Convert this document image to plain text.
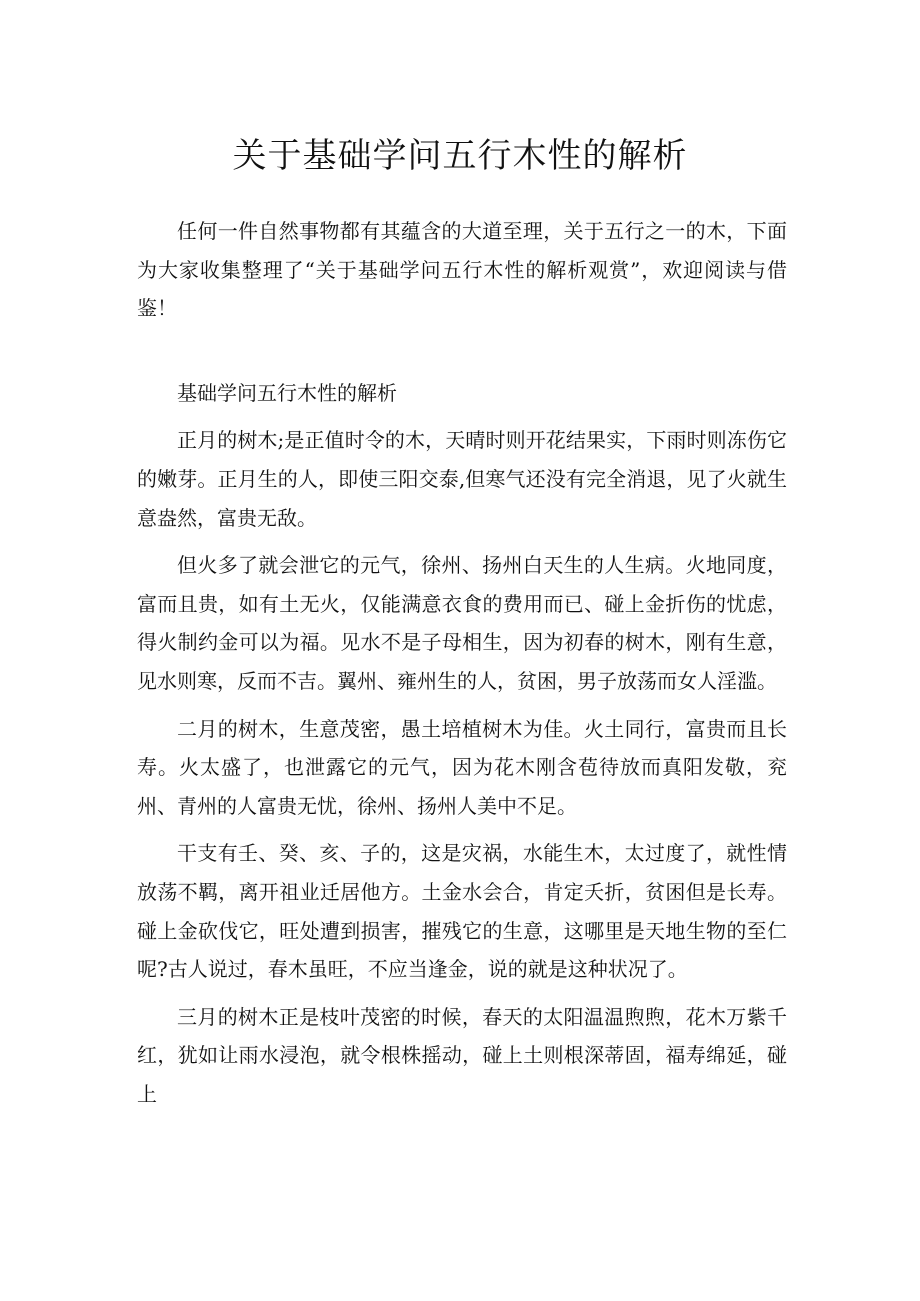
关于基础学问五行木性的解析

任何一件自然事物都有其蕴含的大道至理，关于五行之一的木，下面为大家收集整理了“关于基础学问五行木性的解析观赏”，欢迎阅读与借鉴！

基础学问五行木性的解析

正月的树木;是正值时令的木，天晴时则开花结果实，下雨时则冻伤它的嫩芽。正月生的人，即使三阳交泰,但寒气还没有完全消退，见了火就生意盎然，富贵无敌。

但火多了就会泄它的元气，徐州、扬州白天生的人生病。火地同度，富而且贵，如有土无火，仅能满意衣食的费用而已、碰上金折伤的忧虑，得火制约金可以为福。见水不是子母相生，因为初春的树木，刚有生意，见水则寒，反而不吉。翼州、雍州生的人，贫困，男子放荡而女人淫滥。

二月的树木，生意茂密，愚土培植树木为佳。火土同行，富贵而且长寿。火太盛了，也泄露它的元气，因为花木刚含苞待放而真阳发敬，兖州、青州的人富贵无忧，徐州、扬州人美中不足。

干支有壬、癸、亥、子的，这是灾祸，水能生木，太过度了，就性情放荡不羁，离开祖业迁居他方。土金水会合，肯定夭折，贫困但是长寿。碰上金砍伐它，旺处遭到损害，摧残它的生意，这哪里是天地生物的至仁呢?古人说过，春木虽旺，不应当逢金，说的就是这种状况了。

三月的树木正是枝叶茂密的时候，春天的太阳温温煦煦，花木万紫千红，犹如让雨水浸泡，就令根株摇动，碰上土则根深蒂固，福寿绵延，碰上
